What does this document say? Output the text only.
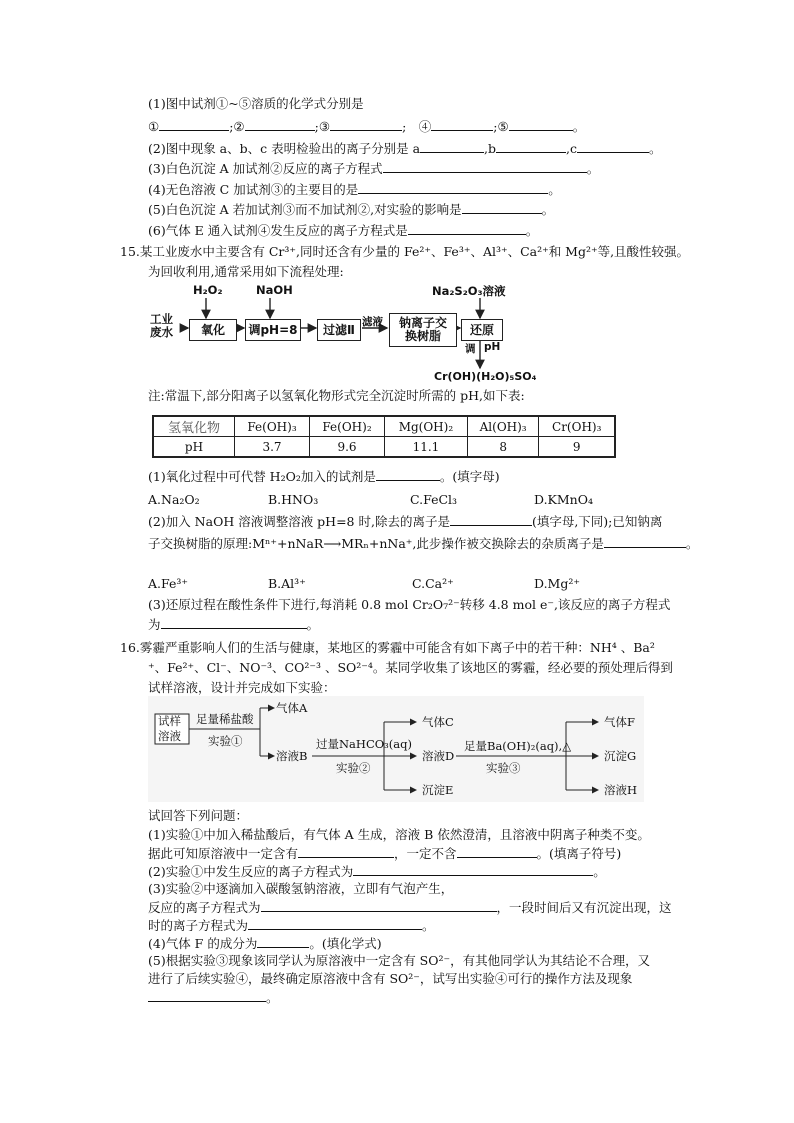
(1)图中试剂①~⑤溶质的化学式分别是
①	;②	;③	;　④	;⑤	。
(2)图中现象 a、b、c 表明检验出的离子分别是 a	,b	,c	。
(3)白色沉淀 A 加试剂②反应的离子方程式	。
(4)无色溶液 C 加试剂③的主要目的是	。
(5)白色沉淀 A 若加试剂③而不加试剂②,对实验的影响是	。
(6)气体 E 通入试剂④发生反应的离子方程式是	。
15.某工业废水中主要含有 Cr³⁺,同时还含有少量的 Fe²⁺、Fe³⁺、Al³⁺、Ca²⁺和 Mg²⁺等,且酸性较强。
为回收利用,通常采用如下流程处理:
H₂O₂	NaOH	Na₂S₂O₃溶液
工业
废水	氧化	调pH=8	过滤Ⅱ
滤液 钠离子交
换树脂	还原
调 pH
Cr(OH)(H₂O)₅SO₄
注:常温下,部分阳离子以氢氧化物形式完全沉淀时所需的 pH,如下表:
氢氧化物	Fe(OH)₃	Fe(OH)₂	Mg(OH)₂	Al(OH)₃	Cr(OH)₃
pH	3.7	9.6	11.1	8	9
(1)氧化过程中可代替 H₂O₂加入的试剂是	。(填字母)
A.Na₂O₂	B.HNO₃	C.FeCl₃	D.KMnO₄
(2)加入 NaOH 溶液调整溶液 pH=8 时,除去的离子是	(填字母,下同);已知钠离
子交换树脂的原理:Mⁿ⁺+nNaR⟶MRₙ+nNa⁺,此步操作被交换除去的杂质离子是	。
A.Fe³⁺	B.Al³⁺	C.Ca²⁺	D.Mg²⁺
(3)还原过程在酸性条件下进行,每消耗 0.8 mol Cr₂O₇²⁻转移 4.8 mol e⁻,该反应的离子方程式
为	。
16.雾霾严重影响人们的生活与健康，某地区的雾霾中可能含有如下离子中的若干种：NH⁴ 、Ba²
⁺、Fe²⁺、Cl⁻、NO⁻³、CO²⁻³ 、SO²⁻⁴。某同学收集了该地区的雾霾，经必要的预处理后得到
试样溶液，设计并完成如下实验：
试样
溶液
足量稀盐酸
实验①
气体A
溶液B
过量NaHCO₃(aq)
实验②
气体C
溶液D
沉淀E
足量Ba(OH)₂(aq),△
实验③
气体F
沉淀G
溶液H
试回答下列问题：
(1)实验①中加入稀盐酸后，有气体 A 生成，溶液 B 依然澄清，且溶液中阴离子种类不变。
据此可知原溶液中一定含有	，一定不含	。(填离子符号)
(2)实验①中发生反应的离子方程式为	。
(3)实验②中逐滴加入碳酸氢钠溶液，立即有气泡产生，
反应的离子方程式为	，一段时间后又有沉淀出现，这
时的离子方程式为	。
(4)气体 F 的成分为	。(填化学式)
(5)根据实验③现象该同学认为原溶液中一定含有 SO²⁻，有其他同学认为其结论不合理，又
进行了后续实验④，最终确定原溶液中含有 SO²⁻，试写出实验④可行的操作方法及现象
。
